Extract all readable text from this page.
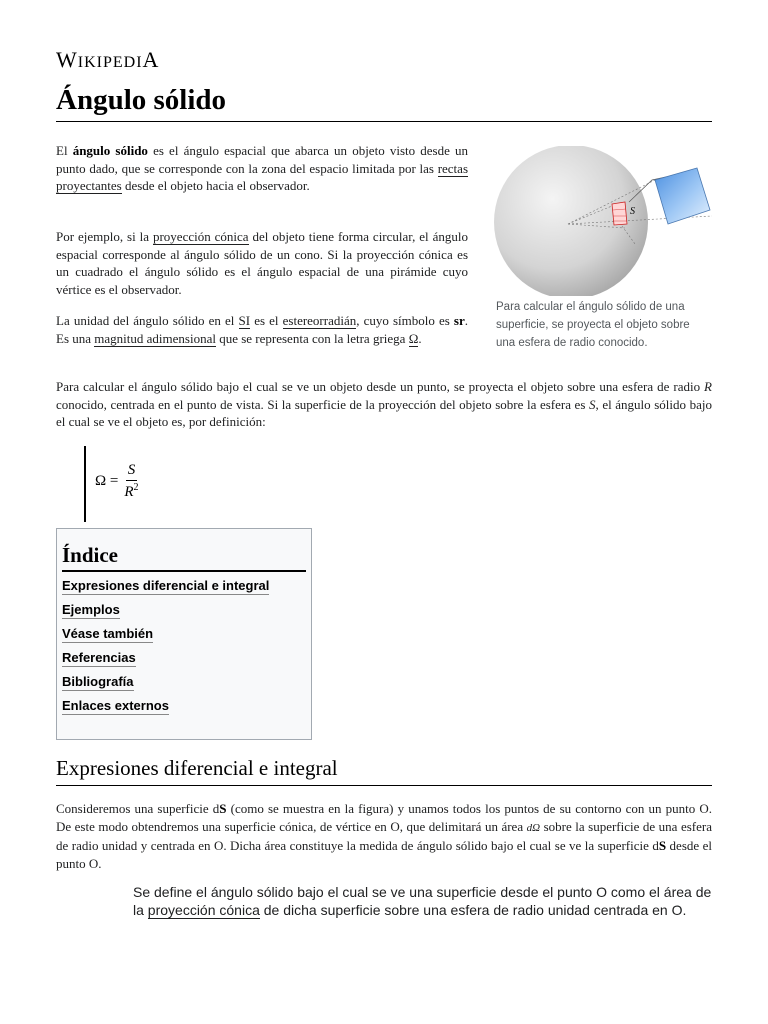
WIKIPEDIA
Ángulo sólido

El ángulo sólido es el ángulo espacial que abarca un objeto visto desde un punto dado, que se corresponde con la zona del espacio limitada por las rectas proyectantes desde el objeto hacia el observador.

Por ejemplo, si la proyección cónica del objeto tiene forma circular, el ángulo espacial corresponde al ángulo sólido de un cono. Si la proyección cónica es un cuadrado el ángulo sólido es el ángulo espacial de una pirámide cuyo vértice es el observador.

La unidad del ángulo sólido en el SI es el estereorradián, cuyo símbolo es sr. Es una magnitud adimensional que se representa con la letra griega Ω.

S
Para calcular el ángulo sólido de una superficie, se proyecta el objeto sobre una esfera de radio conocido.

Para calcular el ángulo sólido bajo el cual se ve un objeto desde un punto, se proyecta el objeto sobre una esfera de radio R conocido, centrada en el punto de vista. Si la superficie de la proyección del objeto sobre la esfera es S, el ángulo sólido bajo el cual se ve el objeto es, por definición:

$\Omega = \frac{S}{R^2}$
Índice
Expresiones diferencial e integral
Ejemplos
Véase también
Referencias
Bibliografía
Enlaces externos
Expresiones diferencial e integral

Consideremos una superficie dS (como se muestra en la figura) y unamos todos los puntos de su contorno con un punto O. De este modo obtendremos una superficie cónica, de vértice en O, que delimitará un área dΩ sobre la superficie de una esfera de radio unidad y centrada en O. Dicha área constituye la medida de ángulo sólido bajo el cual se ve la superficie dS desde el punto O.

Se define el ángulo sólido bajo el cual se ve una superficie desde el punto O como el área de la proyección cónica de dicha superficie sobre una esfera de radio unidad centrada en O.
